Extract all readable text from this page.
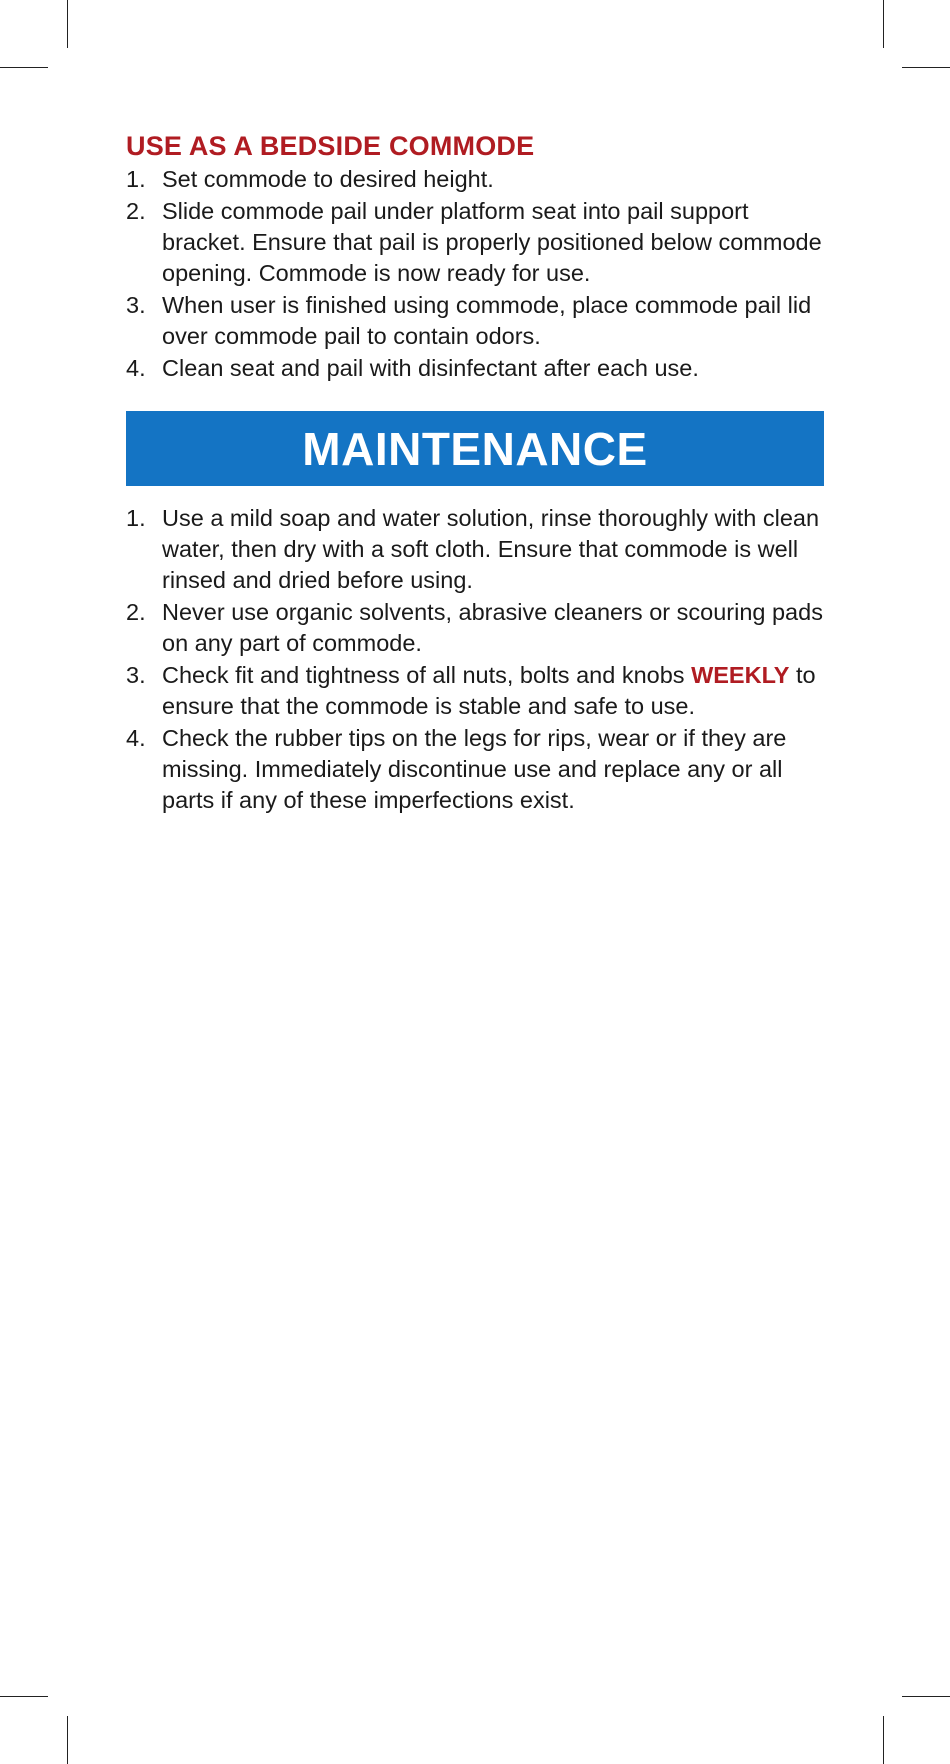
USE AS A BEDSIDE COMMODE
1. Set commode to desired height.
2. Slide commode pail under platform seat into pail support bracket. Ensure that pail is properly positioned below commode opening. Commode is now ready for use.
3. When user is finished using commode, place commode pail lid over commode pail to contain odors.
4. Clean seat and pail with disinfectant after each use.
MAINTENANCE
1. Use a mild soap and water solution, rinse thoroughly with clean water, then dry with a soft cloth. Ensure that commode is well rinsed and dried before using.
2. Never use organic solvents, abrasive cleaners or scouring pads on any part of commode.
3. Check fit and tightness of all nuts, bolts and knobs WEEKLY to ensure that the commode is stable and safe to use.
4. Check the rubber tips on the legs for rips, wear or if they are missing. Immediately discontinue use and replace any or all parts if any of these imperfections exist.
